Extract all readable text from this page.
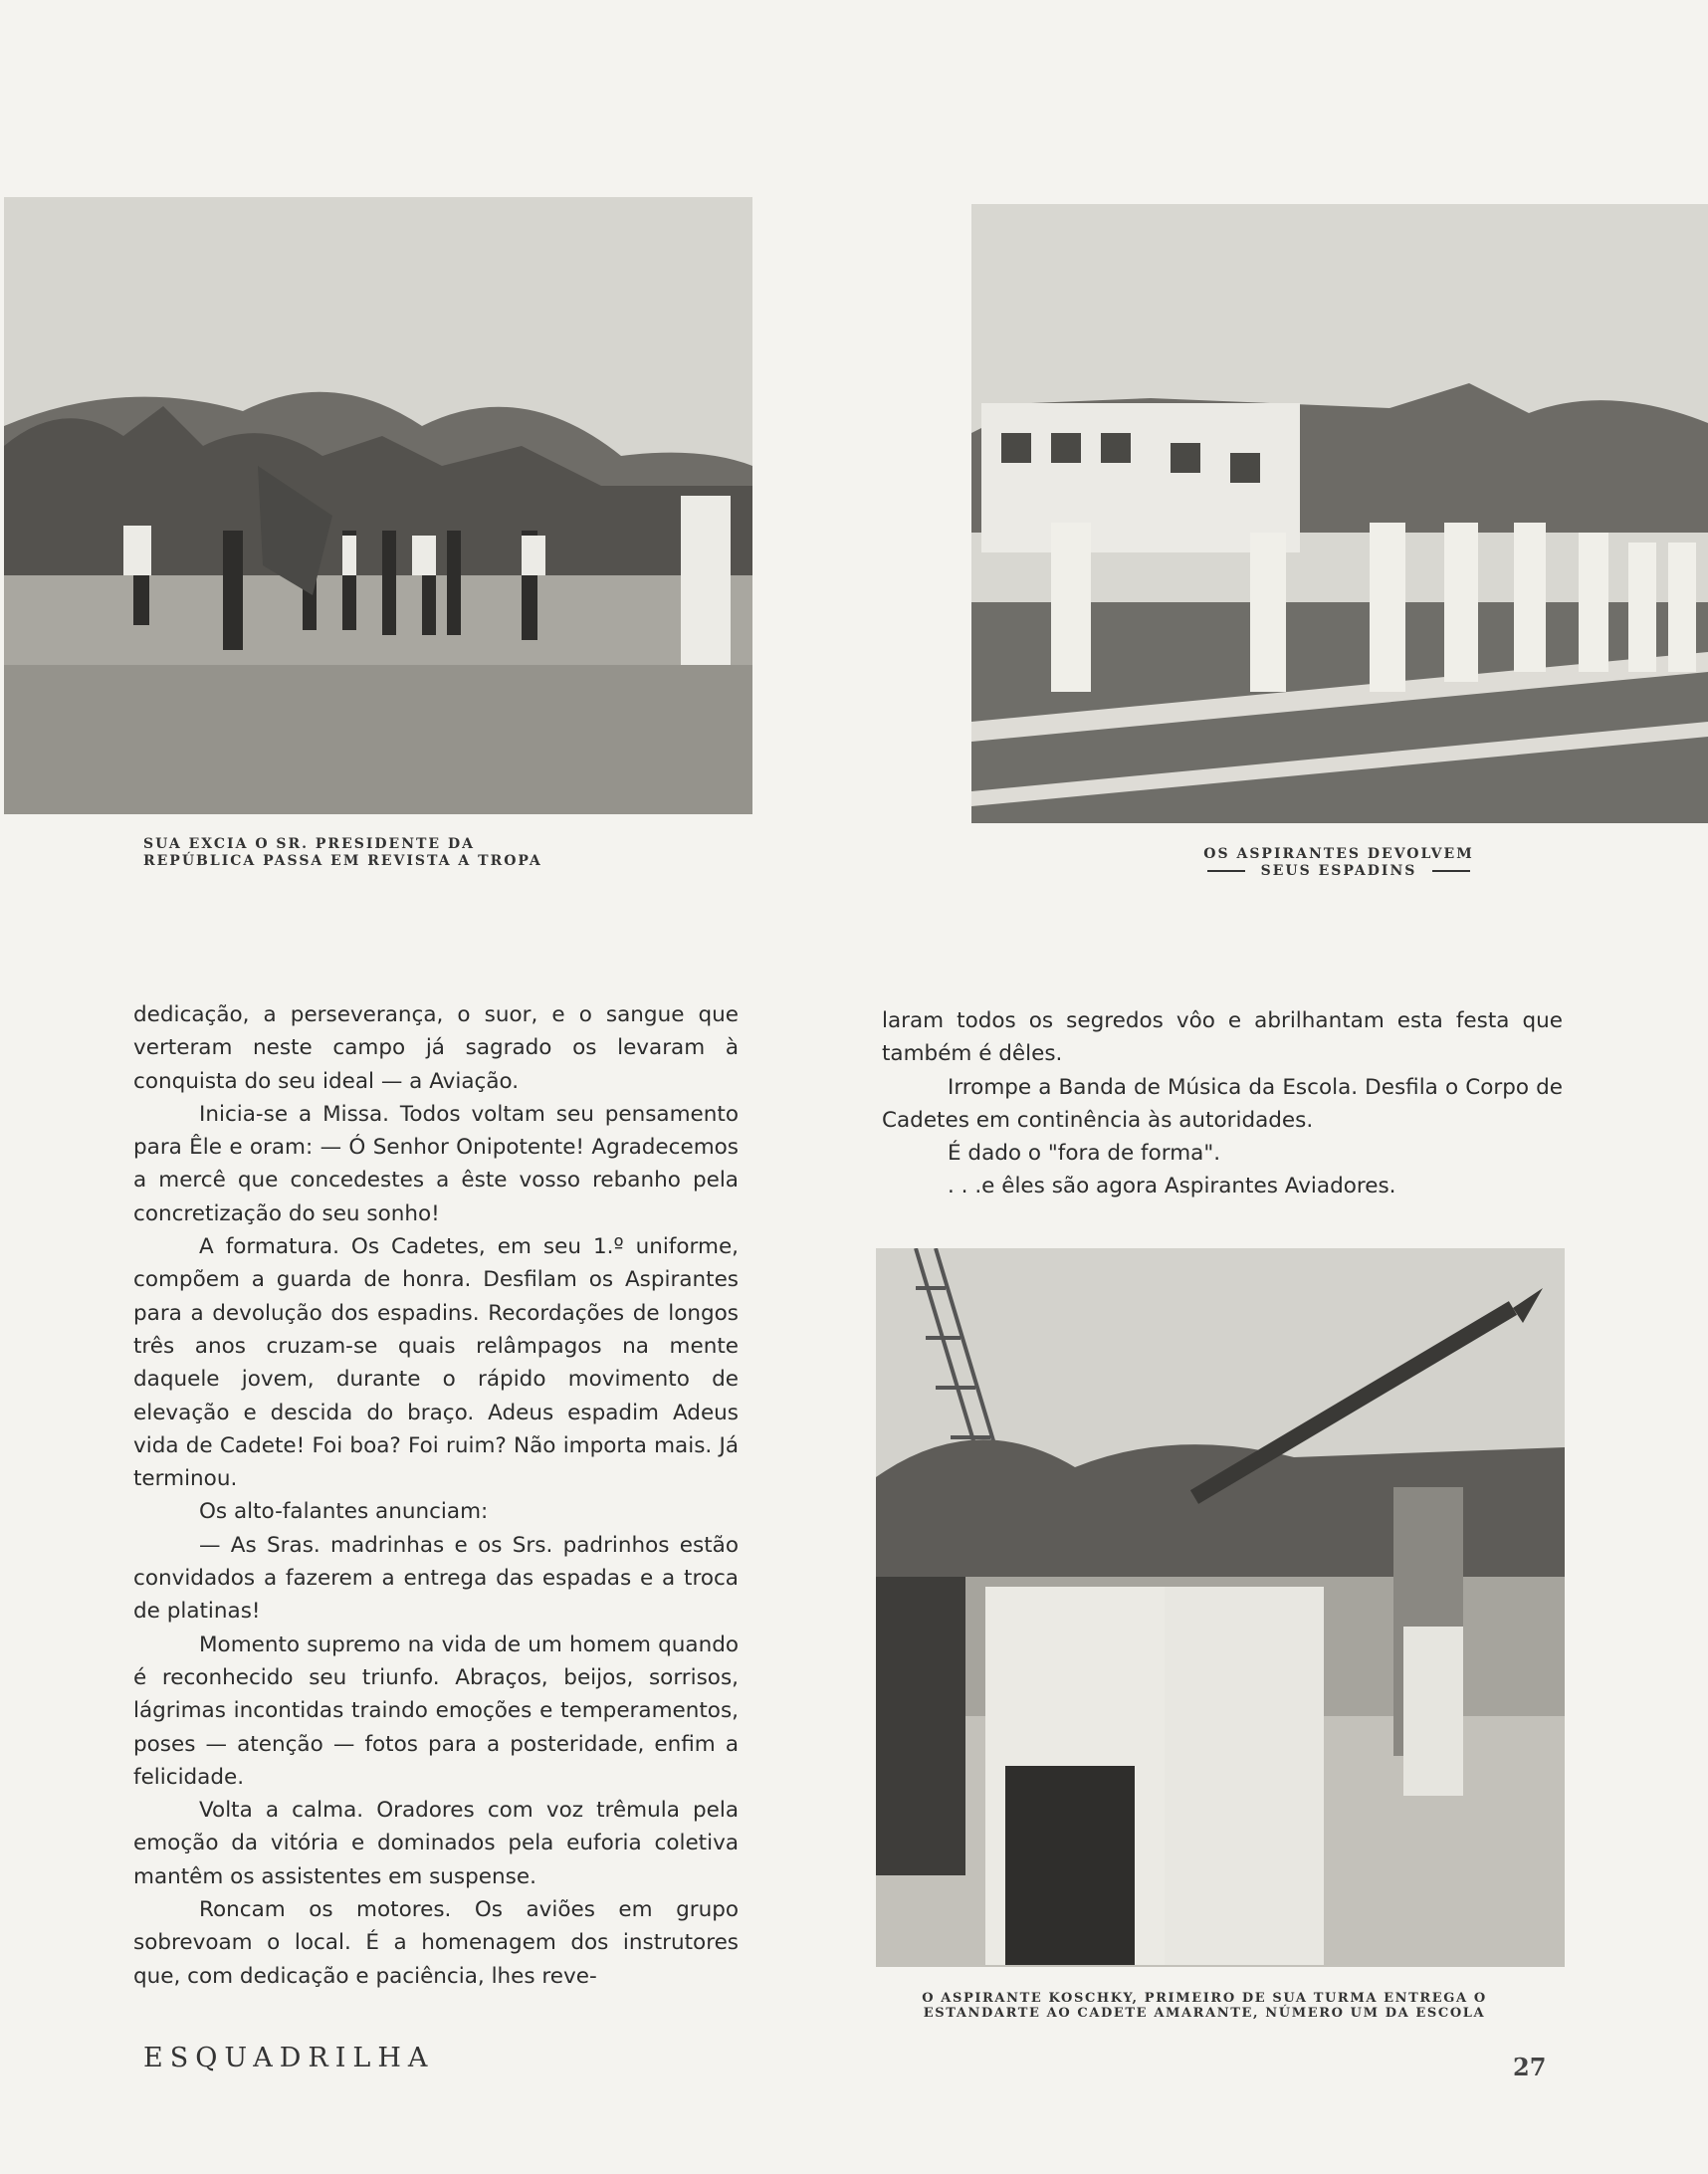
SUA EXCIA O SR. PRESIDENTE DA REPÚBLICA PASSA EM REVISTA A TROPA	OS ASPIRANTES DEVOLVEM
SEUS ESPADINS
O ASPIRANTE KOSCHKY, PRIMEIRO DE SUA TURMA ENTREGA O
ESTANDARTE AO CADETE AMARANTE, NÚMERO UM DA ESCOLA

dedicação, a perseverança, o suor, e o sangue que verteram neste campo já sagrado os levaram à conquista do seu ideal — a Aviação.

Inicia-se a Missa. Todos voltam seu pensamento para Êle e oram: — Ó Senhor Onipotente! Agradecemos a mercê que concedestes a êste vosso rebanho pela concretização do seu sonho!

A formatura. Os Cadetes, em seu 1.º uniforme, compõem a guarda de honra. Desfilam os Aspirantes para a devolução dos espadins. Recordações de longos três anos cruzam-se quais relâmpagos na mente daquele jovem, durante o rápido movimento de elevação e descida do braço. Adeus espadim Adeus vida de Cadete! Foi boa? Foi ruim? Não importa mais. Já terminou.

Os alto-falantes anunciam:

— As Sras. madrinhas e os Srs. padrinhos estão convidados a fazerem a entrega das espadas e a troca de platinas!

Momento supremo na vida de um homem quando é reconhecido seu triunfo. Abraços, beijos, sorrisos, lágrimas incontidas traindo emoções e temperamentos, poses — atenção — fotos para a posteridade, enfim a felicidade.

Volta a calma. Oradores com voz trêmula pela emoção da vitória e dominados pela euforia coletiva mantêm os assistentes em suspense.

Roncam os motores. Os aviões em grupo sobrevoam o local. É a homenagem dos instrutores que, com dedicação e paciência, lhes reve-

laram todos os segredos vôo e abrilhantam esta festa que também é dêles.

Irrompe a Banda de Música da Escola. Desfila o Corpo de Cadetes em continência às autoridades.

É dado o "fora de forma".

. . .e êles são agora Aspirantes Aviadores.

ESQUADRILHA	27
